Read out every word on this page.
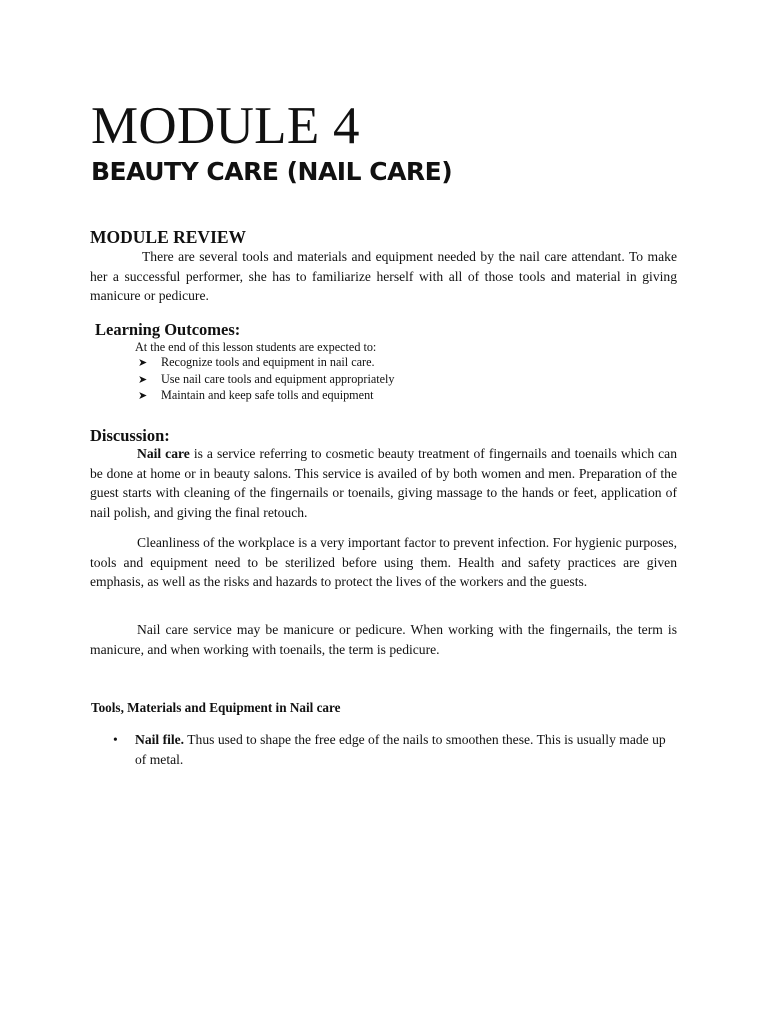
MODULE 4
BEAUTY CARE (NAIL CARE)
MODULE REVIEW
There are several tools and materials and equipment needed by the nail care attendant. To make her a successful performer, she has to familiarize herself with all of those tools and material in giving manicure or pedicure.
Learning Outcomes:
At the end of this lesson students are expected to:
➤ Recognize tools and equipment in nail care.
➤ Use nail care tools and equipment appropriately
➤ Maintain and keep safe tolls and equipment
Discussion:
Nail care is a service referring to cosmetic beauty treatment of fingernails and toenails which can be done at home or in beauty salons. This service is availed of by both women and men. Preparation of the guest starts with cleaning of the fingernails or toenails, giving massage to the hands or feet, application of nail polish, and giving the final retouch.
Cleanliness of the workplace is a very important factor to prevent infection. For hygienic purposes, tools and equipment need to be sterilized before using them. Health and safety practices are given emphasis, as well as the risks and hazards to protect the lives of the workers and the guests.
Nail care service may be manicure or pedicure. When working with the fingernails, the term is manicure, and when working with toenails, the term is pedicure.
Tools, Materials and Equipment in Nail care
• Nail file. Thus used to shape the free edge of the nails to smoothen these. This is usually made up of metal.
